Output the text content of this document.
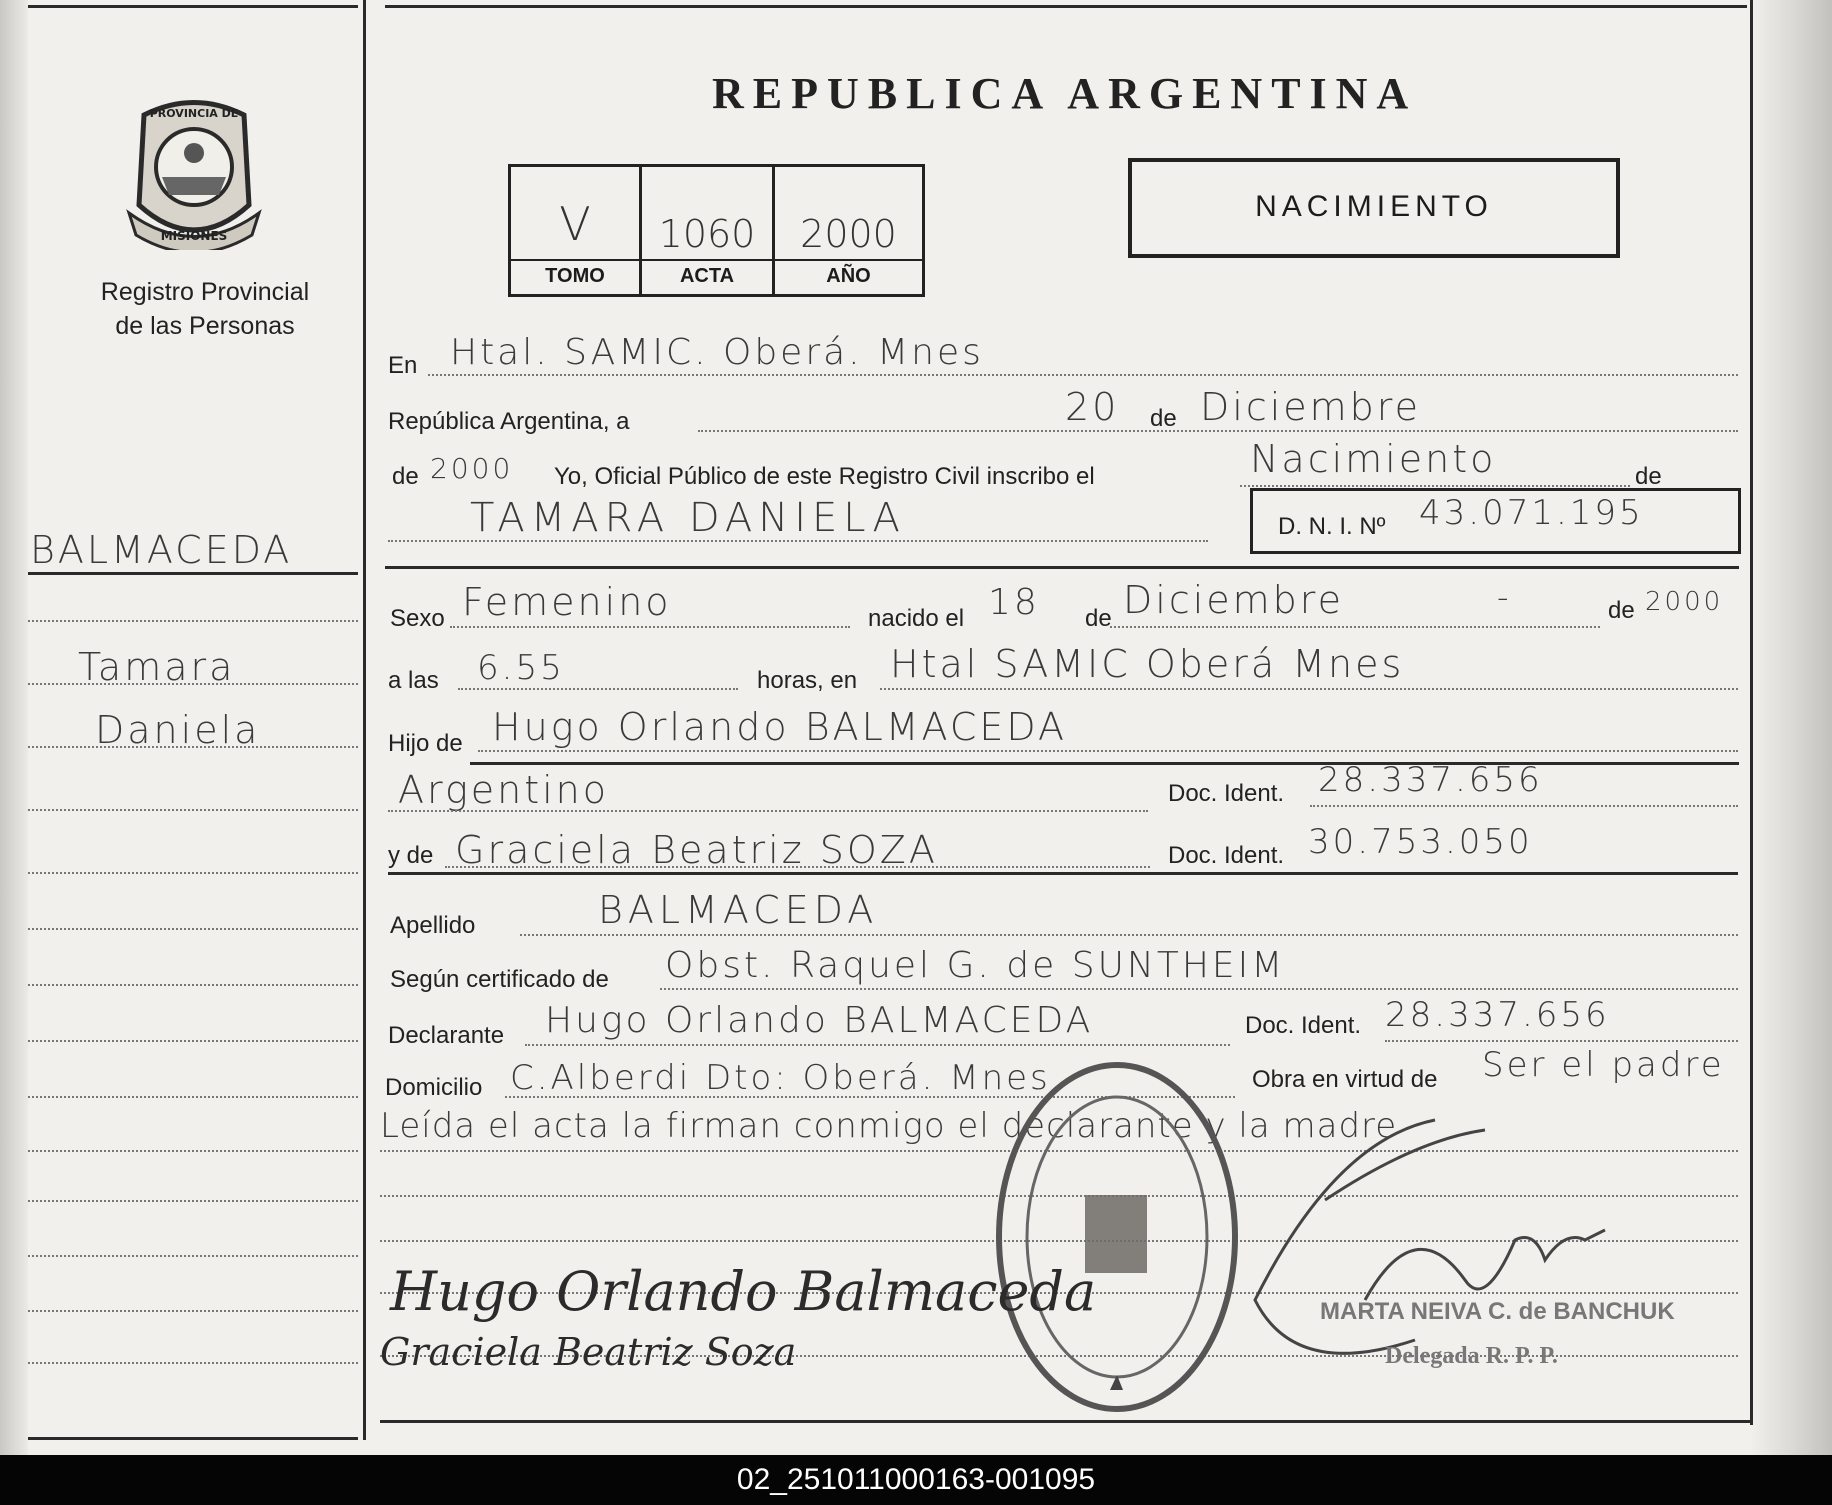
PROVINCIA DE
MISIONES
Registro Provincial
de las Personas
REPUBLICA ARGENTINA
V	1060	2000
TOMO	ACTA	AÑO
NACIMIENTO
BALMACEDA
Tamara
Daniela
En Htal. SAMIC. Oberá. Mnes
República Argentina, a	20 de Diciembre
de 2000 Yo, Oficial Público de este Registro Civil inscribo el	Nacimiento	de
TAMARA DANIELA	D. N. I. Nº 43.071.195
Sexo Femenino	nacido el 18 de Diciembre	-	de 2000
a las 6.55	horas, en Htal SAMIC Oberá Mnes
Hijo de Hugo Orlando BALMACEDA
Argentino	Doc. Ident. 28.337.656
y de Graciela Beatriz SOZA	Doc. Ident. 30.753.050
Apellido	BALMACEDA
Según certificado de Obst. Raquel G. de SUNTHEIM
Declarante Hugo Orlando BALMACEDA	Doc. Ident. 28.337.656
Domicilio C.Alberdi Dto: Oberá. Mnes	Obra en virtud de Ser el padre
Leída el acta la firman conmigo el declarante y la madre
MARTA NEIVA C. de BANCHUK
Delegada R. P. P.
Hugo Orlando Balmaceda
Graciela Beatriz Soza
02_251011000163-001095
